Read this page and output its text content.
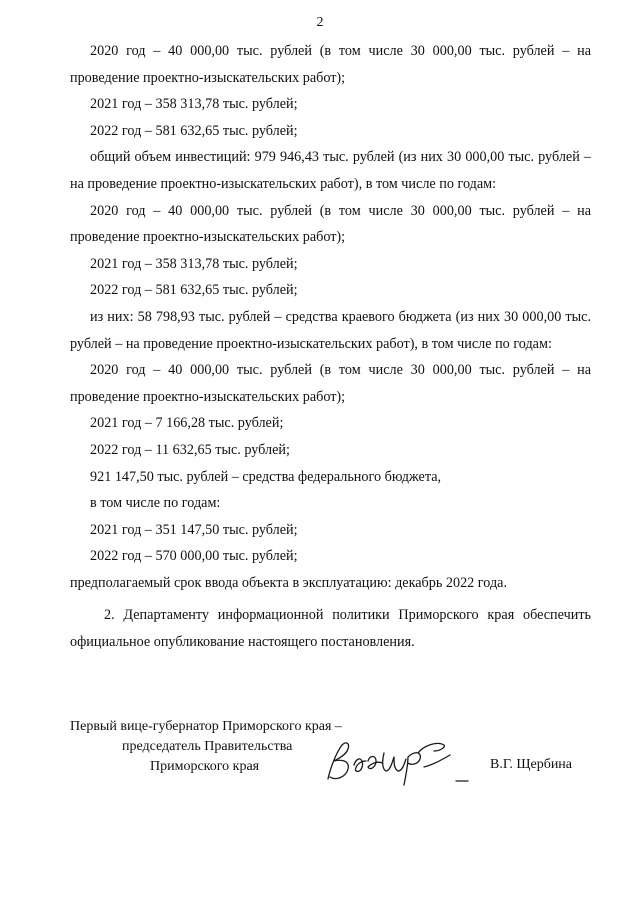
2

2020 год – 40 000,00 тыс. рублей (в том числе 30 000,00 тыс. рублей – на проведение проектно-изыскательских работ);

2021 год – 358 313,78 тыс. рублей;

2022 год – 581 632,65 тыс. рублей;

общий объем инвестиций: 979 946,43 тыс. рублей (из них 30 000,00 тыс. рублей – на проведение проектно-изыскательских работ), в том числе по годам:

2020 год – 40 000,00 тыс. рублей (в том числе 30 000,00 тыс. рублей – на проведение проектно-изыскательских работ);

2021 год – 358 313,78 тыс. рублей;

2022 год – 581 632,65 тыс. рублей;

из них: 58 798,93 тыс. рублей – средства краевого бюджета (из них 30 000,00 тыс. рублей – на проведение проектно-изыскательских работ), в том числе по годам:

2020 год – 40 000,00 тыс. рублей (в том числе 30 000,00 тыс. рублей – на проведение проектно-изыскательских работ);

2021 год – 7 166,28 тыс. рублей;

2022 год – 11 632,65 тыс. рублей;

921 147,50 тыс. рублей – средства федерального бюджета,

в том числе по годам:

2021 год – 351 147,50 тыс. рублей;

2022 год – 570 000,00 тыс. рублей;

предполагаемый срок ввода объекта в эксплуатацию: декабрь 2022 года.

2. Департаменту информационной политики Приморского края обеспечить официальное опубликование настоящего постановления.

Первый вице-губернатор Приморского края –
председатель Правительства
Приморского края	В.Г. Щербина
